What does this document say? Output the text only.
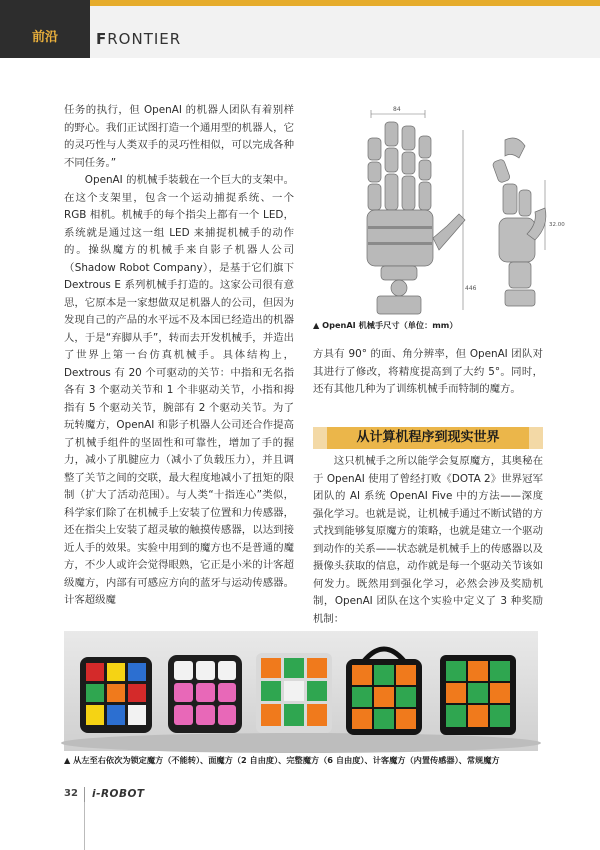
前沿	FRONTIER

任务的执行，但 OpenAI 的机器人团队有着别样的野心。我们正试图打造一个通用型的机器人，它的灵巧性与人类双手的灵巧性相似，可以完成各种不同任务。”

OpenAI 的机械手装载在一个巨大的支架中。在这个支架里，包含一个运动捕捉系统、一个 RGB 相机。机械手的每个指尖上都有一个 LED，系统就是通过这一组 LED 来捕捉机械手的动作的。操纵魔方的机械手来自影子机器人公司（Shadow Robot Company），是基于它们旗下 Dextrous E 系列机械手打造的。这家公司很有意思，它原本是一家想做双足机器人的公司，但因为发现自己的产品的水平远不及本国已经造出的机器人，于是“弃脚从手”，转而去开发机械手，并造出了世界上第一台仿真机械手。具体结构上，Dextrous 有 20 个可驱动的关节：中指和无名指各有 3 个驱动关节和 1 个非驱动关节，小指和拇指有 5 个驱动关节，腕部有 2 个驱动关节。为了玩转魔方，OpenAI 和影子机器人公司还合作提高了机械手组件的坚固性和可靠性，增加了手的握力，减小了肌腱应力（减小了负载压力），并且调整了关节之间的交联，最大程度地减小了扭矩的限制（扩大了活动范围）。与人类“十指连心”类似，科学家们除了在机械手上安装了位置和力传感器，还在指尖上安装了超灵敏的触摸传感器，以达到接近人手的效果。实验中用到的魔方也不是普通的魔方，不少人或许会觉得眼熟，它正是小米的计客超级魔方，内部有可感应方向的蓝牙与运动传感器。计客超级魔

84
446
32.00
▲ OpenAI 机械手尺寸（单位：mm）

方具有 90° 的面、角分辨率，但 OpenAI 团队对其进行了修改，将精度提高到了大约 5°。同时，还有其他几种为了训练机械手而特制的魔方。

从计算机程序到现实世界

这只机械手之所以能学会复原魔方，其奥秘在于 OpenAI 使用了曾经打败《DOTA 2》世界冠军团队的 AI 系统 OpenAI Five 中的方法——深度强化学习。也就是说，让机械手通过不断试错的方式找到能够复原魔方的策略，也就是建立一个驱动到动作的关系——状态就是机械手上的传感器以及摄像头获取的信息，动作就是每一个驱动关节该如何发力。既然用到强化学习，必然会涉及奖励机制，OpenAI 团队在这个实验中定义了 3 种奖励机制：

▲ 从左至右依次为锁定魔方（不能转）、面魔方（2 自由度）、完整魔方（6 自由度）、计客魔方（内置传感器）、常规魔方
32 i-ROBOT
